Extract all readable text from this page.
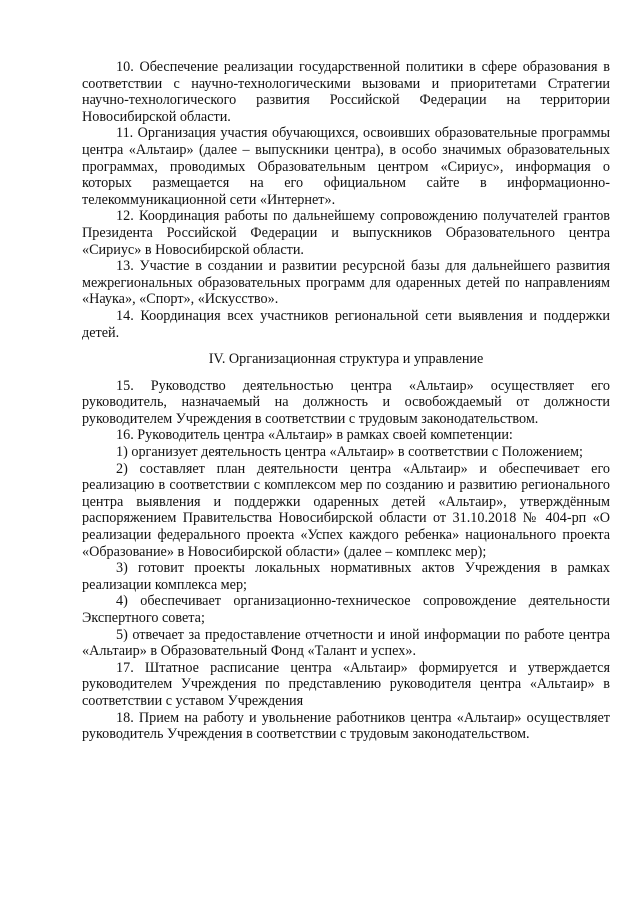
10. Обеспечение реализации государственной политики в сфере образования в соответствии с научно-технологическими вызовами и приоритетами Стратегии научно-технологического развития Российской Федерации на территории Новосибирской области.

11. Организация участия обучающихся, освоивших образовательные программы центра «Альтаир» (далее – выпускники центра), в особо значимых образовательных программах, проводимых Образовательным центром «Сириус», информация о которых размещается на его официальном сайте в информационно-телекоммуникационной сети «Интернет».

12. Координация работы по дальнейшему сопровождению получателей грантов Президента Российской Федерации и выпускников Образовательного центра «Сириус» в Новосибирской области.

13. Участие в создании и развитии ресурсной базы для дальнейшего развития межрегиональных образовательных программ для одаренных детей по направлениям «Наука», «Спорт», «Искусство».

14. Координация всех участников региональной сети выявления и поддержки детей.

IV. Организационная структура и управление

15. Руководство деятельностью центра «Альтаир» осуществляет его руководитель, назначаемый на должность и освобождаемый от должности руководителем Учреждения в соответствии с трудовым законодательством.

16. Руководитель центра «Альтаир» в рамках своей компетенции:

1) организует деятельность центра «Альтаир» в соответствии с Положением;

2) составляет план деятельности центра «Альтаир» и обеспечивает его реализацию в соответствии с комплексом мер по созданию и развитию регионального центра выявления и поддержки одаренных детей «Альтаир», утверждённым распоряжением Правительства Новосибирской области от 31.10.2018 № 404-рп «О реализации федерального проекта «Успех каждого ребенка» национального проекта «Образование» в Новосибирской области» (далее – комплекс мер);

3) готовит проекты локальных нормативных актов Учреждения в рамках реализации комплекса мер;

4) обеспечивает организационно-техническое сопровождение деятельности Экспертного совета;

5) отвечает за предоставление отчетности и иной информации по работе центра «Альтаир» в Образовательный Фонд «Талант и успех».

17. Штатное расписание центра «Альтаир» формируется и утверждается руководителем Учреждения по представлению руководителя центра «Альтаир» в соответствии с уставом Учреждения

18. Прием на работу и увольнение работников центра «Альтаир» осуществляет руководитель Учреждения в соответствии с трудовым законодательством.
